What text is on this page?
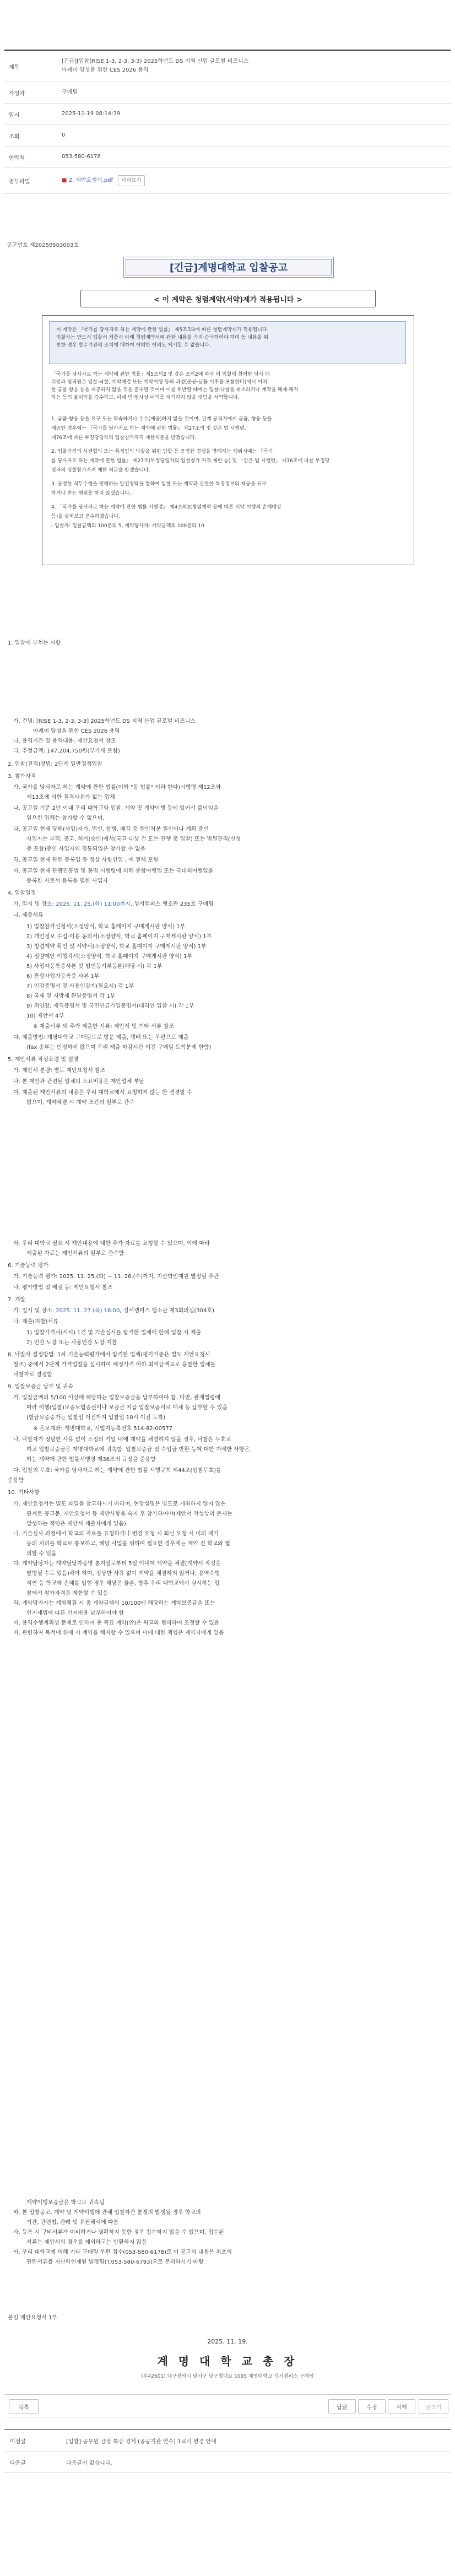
제목
[긴급][입찰]RISE 1-3, 2-3, 3-3) 2025학년도 DS 지역 산업 글로벌 비즈니스
아케미 양성을 위한 CES 2026 용역
작성자	구매팀
일시	2025-11-19 08:14:39
조회	0
연락처	053-580-6178
첨부파일	■ 2. 제안요청서.pdf 미리보기
공고번호 제20250503003호
[긴급]계명대학교 입찰공고
< 이 계약은 청렴계약(서약)제가 적용됩니다 >
이 계약은 『국가를 당사자로 하는 계약에 관한 법률』 제5조의2에 따른 청렴계약제가 적용됩니다.
입찰자는 반드시 입찰서 제출시 아래 청렴계약서에 관한 내용을 숙지·승낙하여야 하며 동 내용을 위
반한 경우 발주기관의 조치에 대하여 어떠한 이의도 제기할 수 없습니다.
「국가를 당사자로 하는 계약에 관한 법률」제5조의2 및 같은 조의2에 따라 이 입찰에 참여한 당사 대
리인과 임직원은 입찰·낙찰, 계약체결 또는 계약이행 등의 과정(준공·납품 이후를 포함한다)에서 어떠
한 금품·향응 등을 제공하지 않을 것을 준수할 것이며 이를 위반할 때에는 입찰·낙찰을 취소하거나 계약을 해제·해지
하는 등의 불이익을 감수하고, 이에 민·형사상 이의를 제기하지 않을 것임을 서약합니다.
1. 금품·향응 등을 요구 또는 약속하거나 수수(제공)하지 않을 것이며, 관계 공직자에게 금품, 향응 등을
제공한 경우에는 『국가를 당사자로 하는 계약에 관한 법률』 제27조의 및 같은 법 시행령,
제76조에 따른 부정당업자의 입찰참가자격 제한처분을 받겠습니다.
2. 입찰가격의 사전협의 또는 특정인의 낙찰을 위한 담합 등 공정한 경쟁을 방해하는 행위시에는 『국가
를 당사자로 하는 계약에 관한 법률』 제27조(부정당업자의 입찰참가 자격 제한 등) 및 「같은 법 시행령」 제76조에 따른 부정당
업자의 입찰참가자격 제한 처분을 받겠습니다.
3. 공정한 직무수행을 방해하는 알선청탁을 통하여 입찰 또는 계약과 관련한 특정정보의 제공을 요구
하거나 받는 행위를 하지 않겠습니다.
4. 「국가를 당사자로 하는 계약에 관한 법률 시행령」 제4조의2(청렴계약 등에 따른 서약 이행의 손해배상
등)을 살펴보고 준수하겠습니다.
- 입찰자: 입찰금액의 100분의 5, 계약당사자: 계약금액의 100분의 10
1. 입찰에 부치는 사항
가. 건명: [RISE 1-3, 2-3, 3-3] 2025학년도 DS 지역 산업 글로벌 비즈니스
아케미 양성을 위한 CES 2026 용역
나. 용역기간 및 용역내용: 제안요청서 참조
다. 추정금액: 147,204,750원(부가세 포함)
2. 입찰(견적)방법: 2단계 일반경쟁입찰
3. 참가자격
가. 국가를 당사자로 하는 계약에 관한 법률(이하 "동 법률" 이라 한다)시행령 제12조와
제13조에 의한 결격사유가 없는 업체
나. 공고일 기준 2년 이내 우리 대학교와 입찰, 계약 및 계약이행 등에 있어서 불이익을
일으킨 업체는 참가할 수 없으며,
다. 공고일 현재 당해(사업)자가, 법인, 합병, 매각 등 원인처분 원인이나 계획 중인
사업자는 부적, 공고, 허가(승인)에서(국고 대상 건 도는 진행 중 입찰) 또는 법원관리(신청
중 포함)중인 사업자의 정통되입은 참가할 수 없음
라. 공고일 현재 관련 등록업 등 정상 사항인업 : 예 전체 포함
마. 공고일 현재 관광진흥법 및 동법 시행령에 의해 종합여행업 또는 국내외여행업을
등록한 자로서 등록을 필한 사업자
4. 입찰일정
가. 일시 및 장소: 2025. 11. 25.(화) 11:00까지, 성서캠퍼스 행소관 235호 구매팀
나. 제출서류
1) 입찰참가신청서(소정양식, 학교 홈페이지 구매게시판 양식) 1부
2) 개인정보 수집·이용 동의서(소정양식, 학교 홈페이지 구매게시판 양식) 1부
3) 청렴계약 확인 및 서약서(소정양식, 학교 홈페이지 구매게시판 양식) 1부
4) 정량제안 이행각서(소정양식, 학교 홈페이지 구매게시판 양식) 1부
5) 사업자등록증사본 및 법인등기부등본(해당 시) 각 1부
6) 관광사업자등록증 사본 1부
7) 인감증명서 및 사용인감계(필요시) 각 1부
8) 국세 및 지방세 완납증명서 각 1부
9) 위임장, 재직증명서 및 국민연금가입증명서(대리인 입찰 시) 각 1부
10) 제안서 4부
※ 제출서류 외 추가 제출한 서류: 제안서 및 기타 서류 참조
다. 제출방법: 계명대학교 구매팀으로 방문 제출, 택배 또는 우편으로 제출
(fax 송부는 인정하지 않으며 우리 제출 마감시간 이전 구매팀 도착분에 한함)
5. 제안서류 작성요령 및 설명
가. 제안서 분량: 별도 제안요청서 참조
나. 본 제안과 관련된 일체의 소요비용은 제안업체 부담
다. 제출된 제안서류의 내용은 우리 대학교에서 요청하지 않는 한 변경할 수
없으며, 계약체결 시 계약 조건의 일부로 간주
라. 우리 대학교 필요 시 제안내용에 대한 추가 자료를 요청할 수 있으며, 이에 따라
제출된 자료는 제안서류의 일부로 간주함
6. 기술능력 평가
가. 기술능력 평가: 2025. 11. 25.(화) ~ 11. 26.(수)까지, 지산학인재원 별정팀 추관
나. 평가방법 및 배점 등: 제안요청서 참조
7. 개찰
가. 일시 및 장소: 2025. 11. 27.(목) 16:00, 성서캠퍼스 행소관 제3회의실(304호)
나. 제출(지참)서류
1) 입찰가격서(서식) 1건 및 기술심사를 합격한 업체에 한해 입찰 시 제출
2) 인감 도장 또는 사용인감 도장 지참
8. 낙찰자 결정방법: 1차 기술능력평가에서 합격한 업체(평가기준은 별도 제안요청서
참조) 중에서 2단계 가격입찰을 실시하여 예정가격 이하 최저금액으로 응찰한 업체를
낙찰자로 결정함
9. 입찰보증금 납부 및 귀속
가. 입찰금액의 5/100 이상에 해당하는 입찰보증금을 납부하여야 함. 다만, 관계법령에
따라 이행(입찰)보증보험증권이나 보증금 지급 입찰보증서로 대체 등 납부할 수 있음
(현금보증증가는 입찰일 이전까지 입찰일 10시 이전 도착)
※ 은보계좌: 계명대학교, 시법지등록번호 514-82-00577
나. 낙찰자가 정당한 사유 없이 소정의 기일 내에 계약을 체결하지 않을 경우, 낙찰은 무효로
하고 입찰보증금은 계명대학교에 귀속함. 입찰보증금 및 수입금 반환 등에 대한 자세한 사항은
하는 계약에 관한 법률시행령 제38조의 규정을 준용함
다. 입찰의 무효: 국가를 당사자로 하는 계약에 관한 법률 시행규칙 제44조(입찰무효)를
준용함
10. 기타사항
가. 제안요청서는 별도 파일을 참고하시기 바라며, 현장설명은 별도로 개최하지 않지 않은
관계로 공고문, 제안요청서 등 제반사항을 숙지 후 참가하여야(제안서 작성상의 문제는
발생하는 책임은 제안서 제출자에게 있음)
나. 기술심사 과정에서 학교의 자료를 요청하거나 변경 요청 시 회신 요청 시 이의 제기
등의 처리를 학교로 통보하고, 해당 사업을 위하여 필요한 경우에는 계약 전 학교와 협
의할 수 있음
다. 계약담당자는 계약담당자증명 통지일로부터 5일 이내에 계약을 체결(계약서 작성은
발행될 수도 있음)해야 하며, 정당한 사유 없이 계약을 체결하지 않거나, 용역수행
지연 등 학교에 손해를 입힌 경우 해당은 물론, 향후 우리 대학교에서 실시하는 입
찰에서 참가자격을 제한할 수 있음
라. 계약당자자는 계약체결 시 총 계약금액의 10/100에 해당하는 계약보증금을 또는
인지세법에 따른 인지비용 납부하여야 함
마. 용역수행계획성 문제로 인하여 총 목표 계약(안)은 학교와 협의하여 조정할 수 있음
바. 관련하여 목적에 위배 시 계약을 해지할 수 있으며 이에 대한 책임은 계약자에게 있음
계약이행보증금은 학교로 귀속됨
바. 본 입찰공고, 계약 및 계약이행에 관해 입찰자간 분쟁의 발생될 경우 학교의
기관, 관련법, 관례 및 유권해석에 따름
사. 등록 시 구비서류가 미비하거나 명확하지 못한 경우 접수하지 않을 수 있으며, 접수된
서류는 제안서의 경우를 제외하고는 반환하지 않음
아. 우리 대학교에 의해 기타 구매팀 우편 접수(053-580-6178)로 이 공고의 내용은 최초의
관련서류를 지산학인재원 별정팀(T.053-580-6793)으로 문의하시기 바람
붙임 제안요청서 1부
2025. 11. 19.
계 명 대 학 교 총 장
(우42601) 대구광역시 달서구 달구벌대로 1095 계명대학교 성서캠퍼스 구매팀
목록	답글	수정	삭제	글쓰기
이전글	[입찰] 공무원 금정 특강 경제 (공공기관 연수) 1교시 변경 안내
다음글	다음글이 없습니다.
